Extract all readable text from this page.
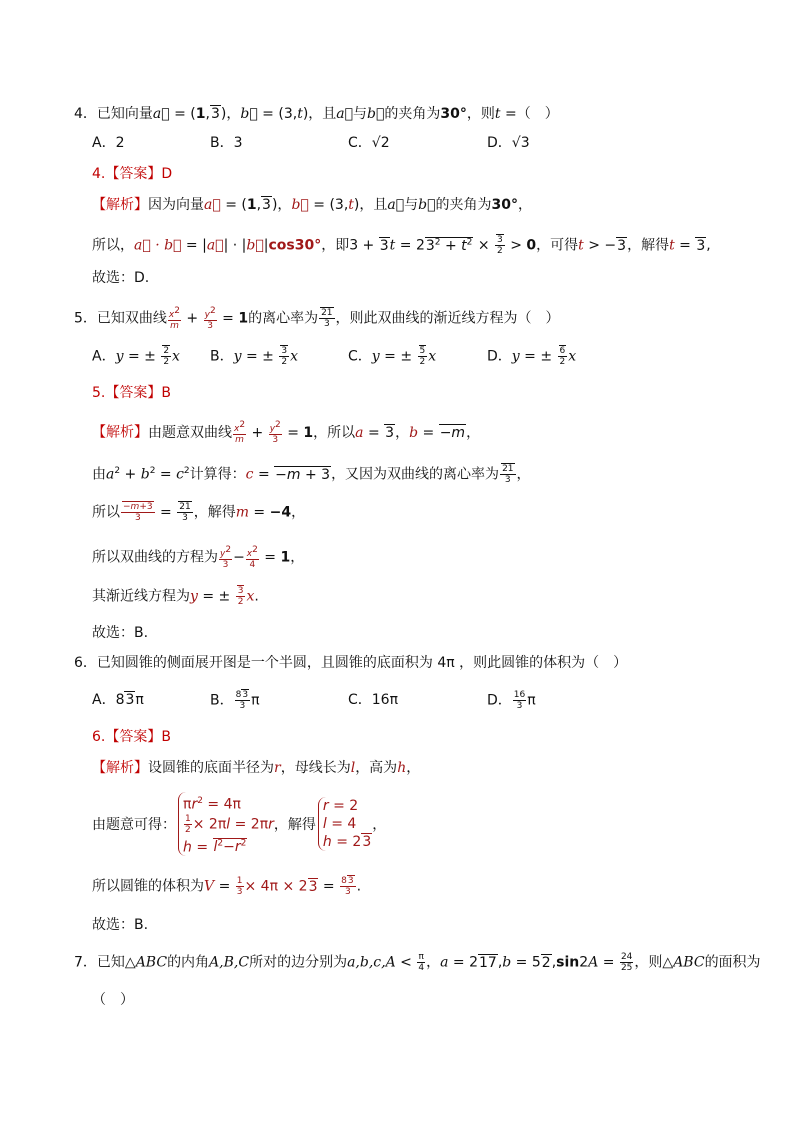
4．已知向量a⃗ = (1,3)，b⃗ = (3,t)，且a⃗与b⃗的夹角为30°，则t =（　）
A．2	B．3	C．√2	D．√3
4.【答案】D
【解析】因为向量a⃗ = (1,3)，b⃗ = (3,t)，且a⃗与b⃗的夹角为30°，
所以，a⃗ · b⃗ = |a⃗| · |b⃗|cos30°，即$3 + 3t = 23^2 + t^2 \times \frac{3}{2} > 0$，可得t > −3，解得t = 3,
故选：D.
5．已知双曲线 $\frac{x^2}{m} + \frac{y^2}{3} = 1$的离心率为 $\frac{21}{3}$ ，则此双曲线的渐近线方程为（　）
A．y = ± $\frac{2}{2}$ x B．y = ± $\frac{3}{2}$ x	C．y = ± $\frac{5}{2}$ x	D．y = ± $\frac{6}{2}$ x
5.【答案】B
【解析】由题意双曲线 $\frac{x^2}{m} + \frac{y^2}{3} = 1$，所以a = 3，b = −m，
由$a^2 + b^2 = c^2$计算得：c = −m + 3，又因为双曲线的离心率为 $\frac{21}{3}$ ，
所以 $\frac{-m+3}{3} = \frac{21}{3}$ ，解得m = −4，
所以双曲线的方程为 $\frac{y^2}{3} - \frac{x^2}{4} = 1$，
其渐近线方程为y = ± $\frac{3}{2} x$.
故选：B.
6．已知圆锥的侧面展开图是一个半圆，且圆锥的底面积为 4π ，则此圆锥的体积为（　）
A．83π	B． $\frac{83}{3}$ π	C．16π	D． $\frac{16}{3}$ π
6.【答案】B
【解析】设圆锥的底面半径为r，母线长为l，高为h，
由题意可得：
$\pi r^2 = 4\pi$
$\frac{1}{2} \times 2\pi l = 2\pi r$
$h = l^2-r^2$
，解得
r = 2
l = 4
h = 23
，
所以圆锥的体积为$V = \frac{1}{3} \times 4\pi \times 23 = \frac{83}{3}$ .
故选：B.
7．已知△ABC的内角A,B,C所对的边分别为$a,b,c,A < \frac{\pi}{4}$ ，$a = 217,b = 52,\sin 2A = \frac{24}{25}$ ，则△ABC的面积为
（　）
